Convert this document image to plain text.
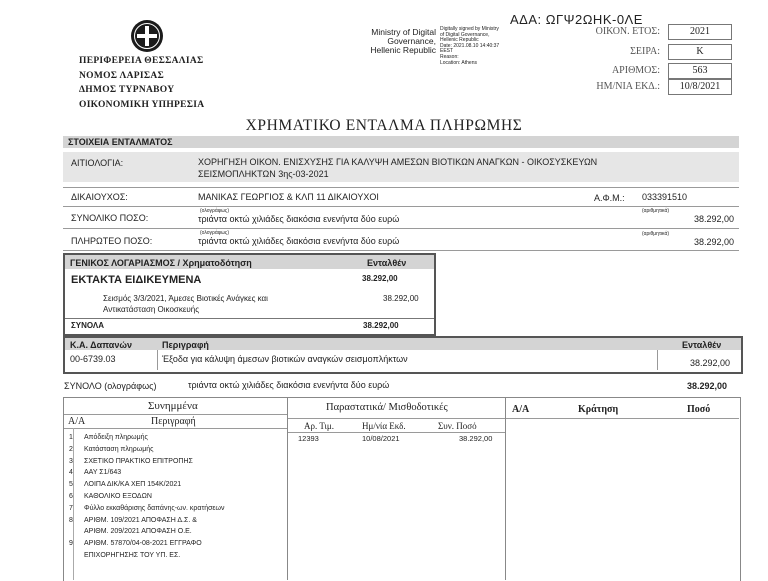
ΠΕΡΙΦΕΡΕΙΑ ΘΕΣΣΑΛΙΑΣ
ΝΟΜΟΣ ΛΑΡΙΣΑΣ
ΔΗΜΟΣ ΤΥΡΝΑΒΟΥ
ΟΙΚΟΝΟΜΙΚΗ ΥΠΗΡΕΣΙΑ
Ministry of Digital
Governance,
Hellenic Republic
Digitally signed by Ministry
of Digital Governance,
Hellenic Republic
Date: 2021.08.10 14:40:37
EEST
Reason:
Location: Athens
ΑΔΑ: ΩΓΨ2ΩΗΚ-0ΛΕ
ΟΙΚΟΝ. ΕΤΟΣ:	2021
ΣΕΙΡΑ:	Κ
ΑΡΙΘΜΟΣ:	563
ΗΜ/ΝΙΑ ΕΚΔ.:	10/8/2021
ΧΡΗΜΑΤΙΚΟ ΕΝΤΑΛΜΑ ΠΛΗΡΩΜΗΣ
ΣΤΟΙΧΕΙΑ ΕΝΤΑΛΜΑΤΟΣ
ΑΙΤΙΟΛΟΓΙΑ:	ΧΟΡΗΓΗΣΗ ΟΙΚΟΝ. ΕΝΙΣΧΥΣΗΣ ΓΙΑ ΚΑΛΥΨΗ ΑΜΕΣΩΝ ΒΙΟΤΙΚΩΝ ΑΝΑΓΚΩΝ - ΟΙΚΟΣΥΣΚΕΥΩΝ
ΣΕΙΣΜΟΠΛΗΚΤΩΝ 3ης-03-2021
ΔΙΚΑΙΟΥΧΟΣ:	ΜΑΝΙΚΑΣ ΓΕΩΡΓΙΟΣ & ΚΛΠ 11 ΔΙΚΑΙΟΥΧΟΙ	Α.Φ.Μ.: 033391510
ΣΥΝΟΛΙΚΟ ΠΟΣΟ:
(ολογράφως)
τριάντα οκτώ χιλιάδες διακόσια ενενήντα δύο ευρώ
(αριθμητικά)
38.292,00
ΠΛΗΡΩΤΕΟ ΠΟΣΟ:
(ολογράφως)
τριάντα οκτώ χιλιάδες διακόσια ενενήντα δύο ευρώ
(αριθμητικά)
38.292,00
ΓΕΝΙΚΟΣ ΛΟΓΑΡΙΑΣΜΟΣ / Χρηματοδότηση	Ενταλθέν
ΕΚΤΑΚΤΑ ΕΙΔΙΚΕΥΜΕΝΑ	38.292,00
Σεισμός 3/3/2021, Άμεσες Βιοτικές Ανάγκες και
Αντικατάσταση Οικοσκευής
38.292,00
ΣΥΝΟΛΑ	38.292,00
Κ.Α. Δαπανών	Περιγραφή	Ενταλθέν
00-6739.03	Έξοδα για κάλυψη άμεσων βιοτικών αναγκών σεισμοπλήκτων	38.292,00
ΣΥΝΟΛΟ (ολογράφως)	τριάντα οκτώ χιλιάδες διακόσια ενενήντα δύο ευρώ	38.292,00
Συνημμένα
Α/Α	Περιγραφή
1 Απόδειξη πληρωμής
2 Κατάσταση πληρωμής
3 ΣΧΕΤΙΚΟ ΠΡΑΚΤΙΚΟ ΕΠΙΤΡΟΠΗΣ
4 ΑΑΥ Σ1/643
5 ΛΟΙΠΑ ΔΙΚ/ΚΑ ΧΕΠ 154Κ/2021
6 ΚΑΘΟΛΙΚΟ ΕΞΟΔΩΝ
7 Φύλλο εκκαθάρισης δαπάνης-ων. κρατήσεων
8 ΑΡΙΘΜ. 109/2021 ΑΠΟΦΑΣΗ Δ.Σ. &
ΑΡΙΘΜ. 209/2021 ΑΠΟΦΑΣΗ Ο.Ε.
9 ΑΡΙΘΜ. 57870/04-08-2021 ΕΓΓΡΑΦΟ
ΕΠΙΧΟΡΗΓΗΣΗΣ ΤΟΥ ΥΠ. ΕΣ.
Παραστατικά/ Μισθοδοτικές
Αρ. Τιμ.	Ημ/νία Εκδ.	Συν. Ποσό
12393	10/08/2021	38.292,00
Α/Α	Κράτηση	Ποσό
